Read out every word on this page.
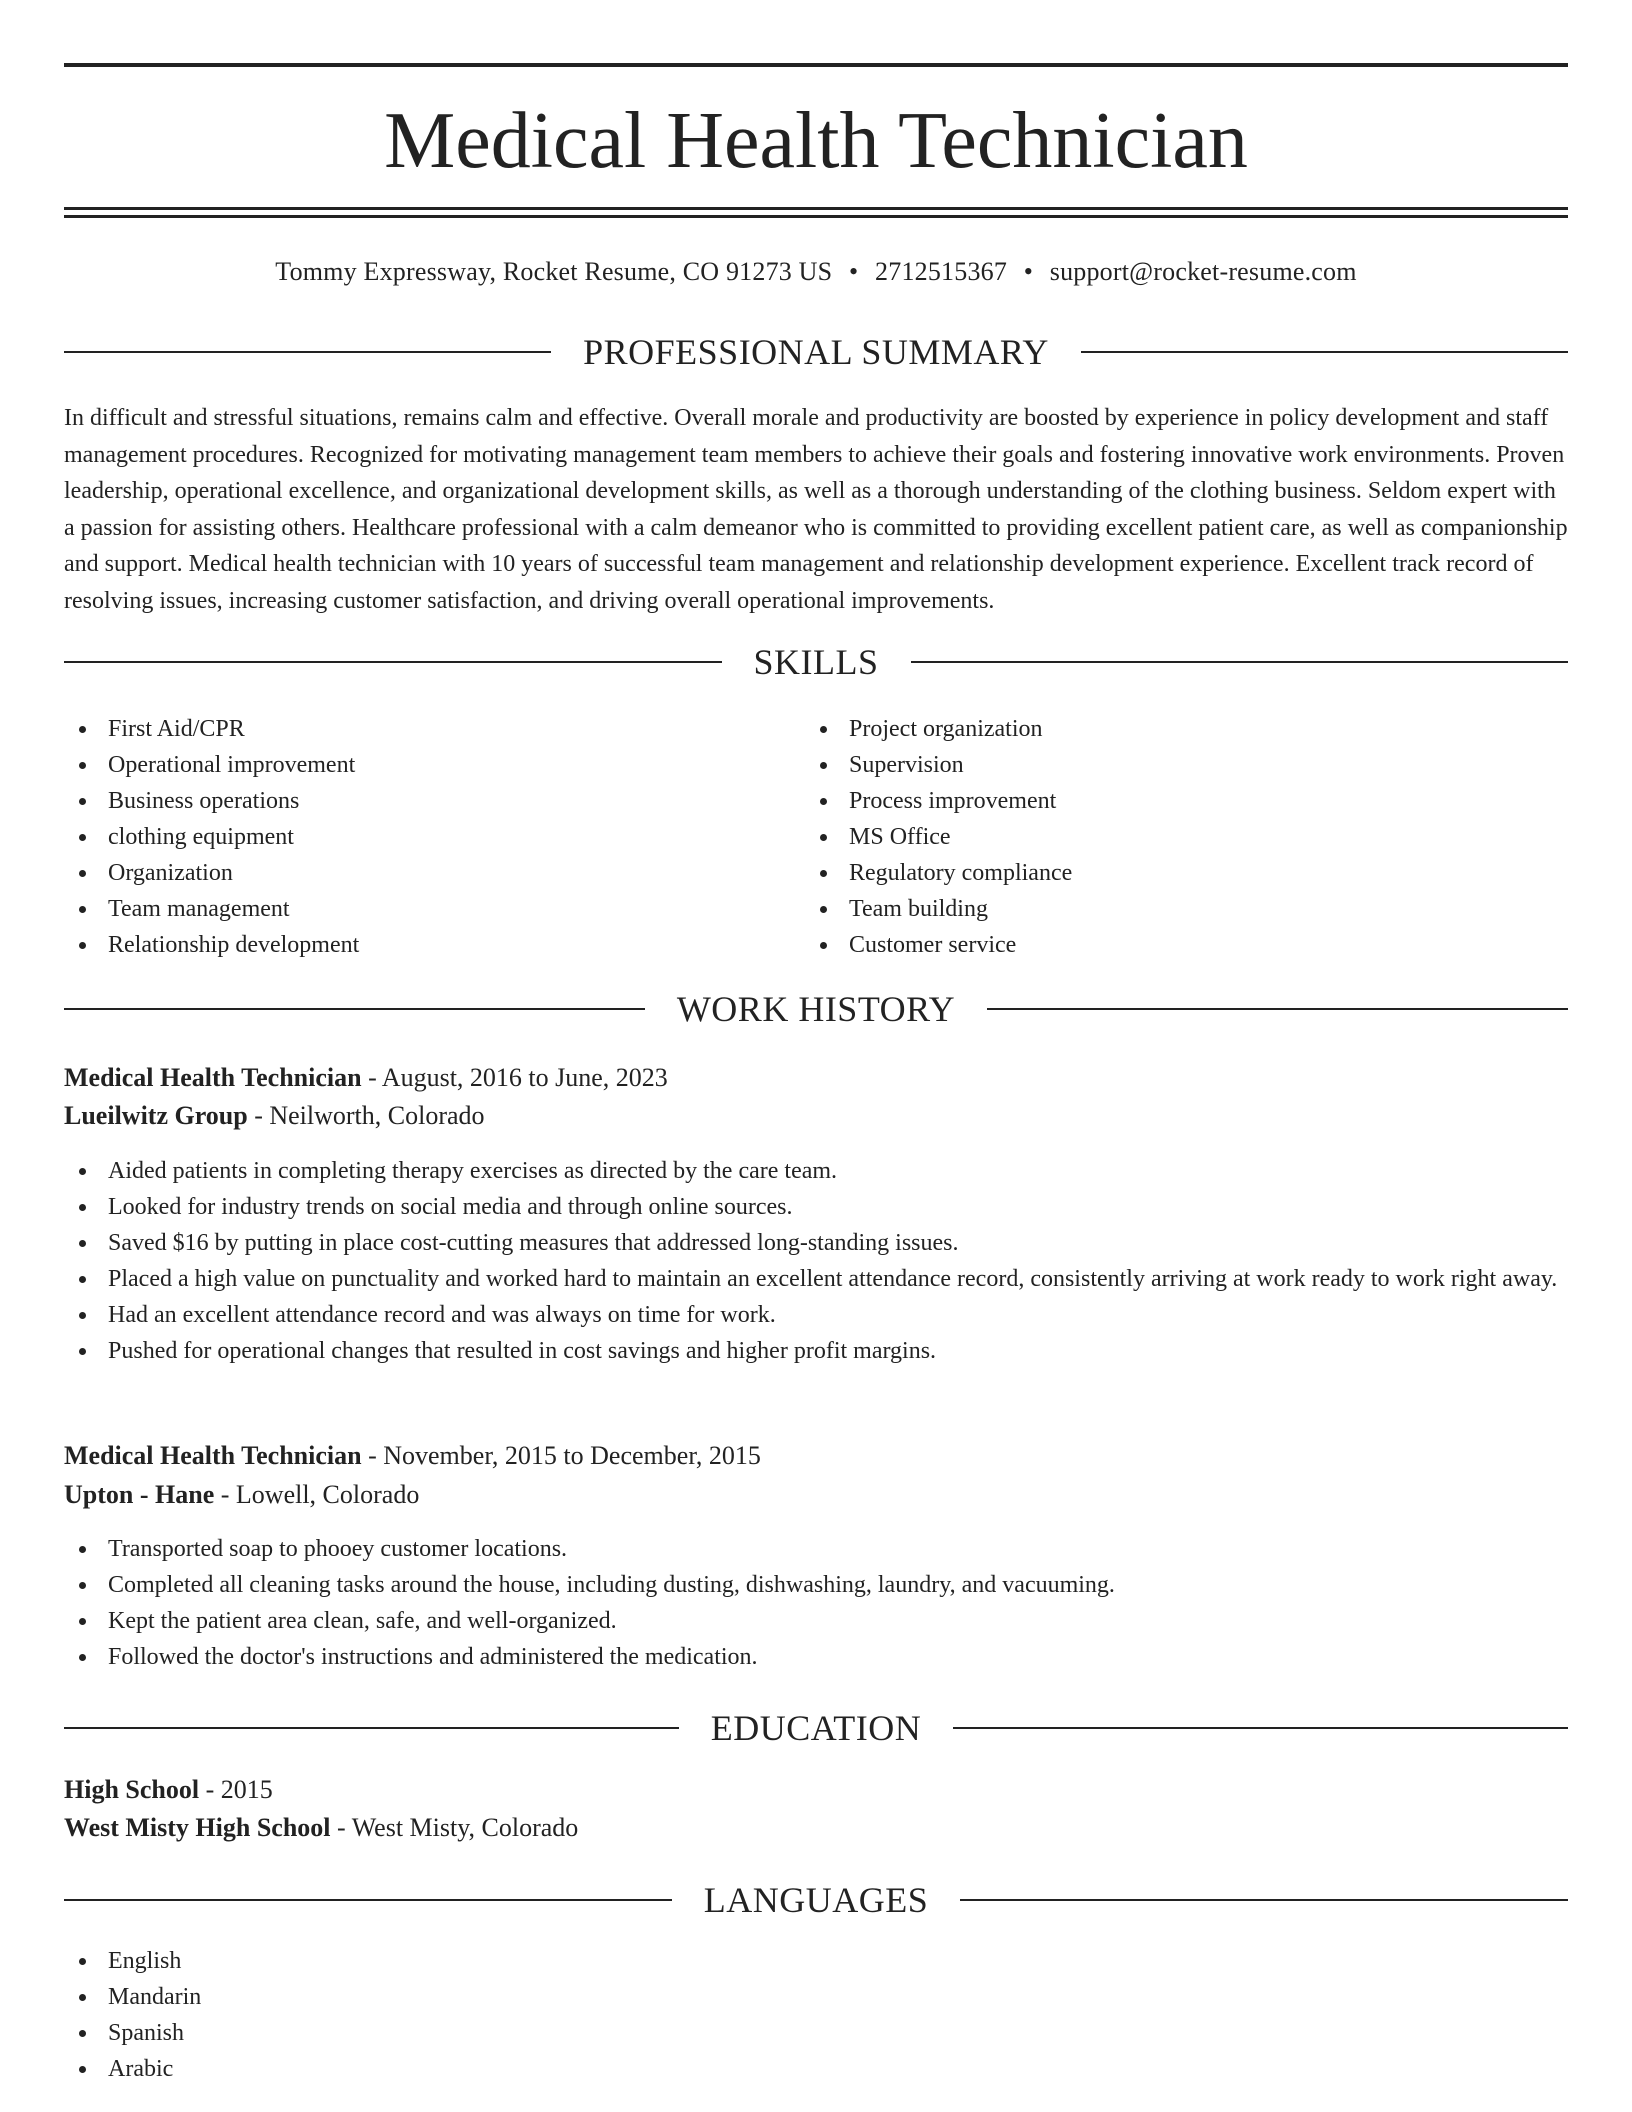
Medical Health Technician
Tommy Expressway, Rocket Resume, CO 91273 US • 2712515367 • support@rocket-resume.com
PROFESSIONAL SUMMARY
In difficult and stressful situations, remains calm and effective. Overall morale and productivity are boosted by experience in policy development and staff management procedures. Recognized for motivating management team members to achieve their goals and fostering innovative work environments. Proven leadership, operational excellence, and organizational development skills, as well as a thorough understanding of the clothing business. Seldom expert with a passion for assisting others. Healthcare professional with a calm demeanor who is committed to providing excellent patient care, as well as companionship and support. Medical health technician with 10 years of successful team management and relationship development experience. Excellent track record of resolving issues, increasing customer satisfaction, and driving overall operational improvements.
SKILLS
First Aid/CPR
Operational improvement
Business operations
clothing equipment
Organization
Team management
Relationship development
Project organization
Supervision
Process improvement
MS Office
Regulatory compliance
Team building
Customer service
WORK HISTORY
Medical Health Technician - August, 2016 to June, 2023
Lueilwitz Group - Neilworth, Colorado
Aided patients in completing therapy exercises as directed by the care team.
Looked for industry trends on social media and through online sources.
Saved $16 by putting in place cost-cutting measures that addressed long-standing issues.
Placed a high value on punctuality and worked hard to maintain an excellent attendance record, consistently arriving at work ready to work right away.
Had an excellent attendance record and was always on time for work.
Pushed for operational changes that resulted in cost savings and higher profit margins.
Medical Health Technician - November, 2015 to December, 2015
Upton - Hane - Lowell, Colorado
Transported soap to phooey customer locations.
Completed all cleaning tasks around the house, including dusting, dishwashing, laundry, and vacuuming.
Kept the patient area clean, safe, and well-organized.
Followed the doctor's instructions and administered the medication.
EDUCATION
High School - 2015
West Misty High School - West Misty, Colorado
LANGUAGES
English
Mandarin
Spanish
Arabic
